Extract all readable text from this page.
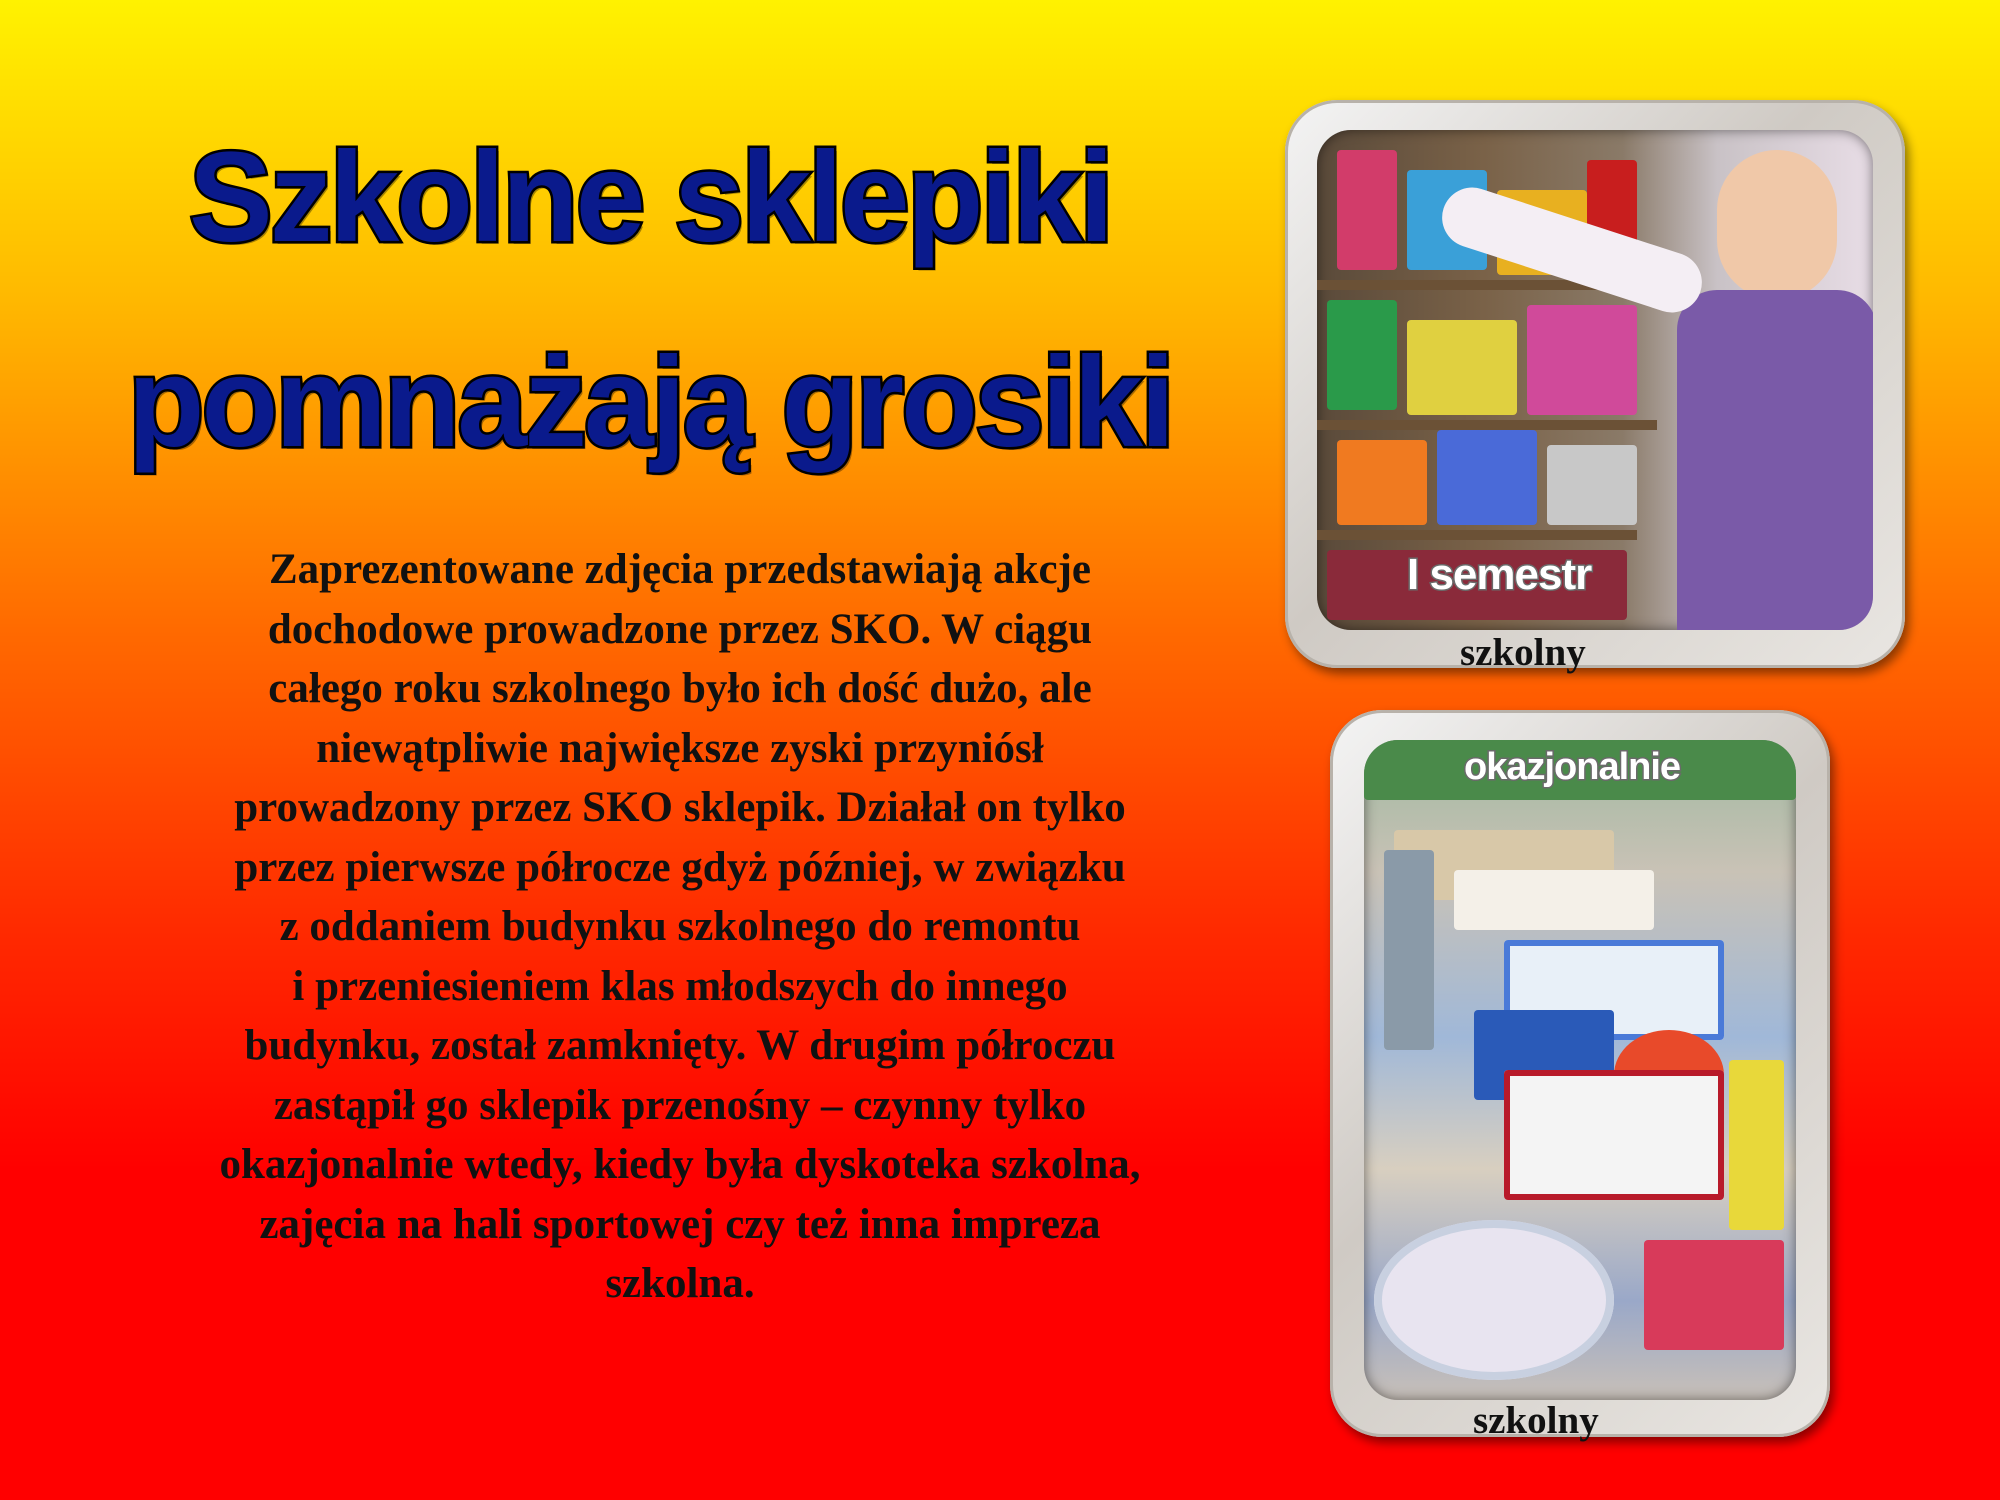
Szkolne sklepiki
pomnażają grosiki
Zaprezentowane zdjęcia przedstawiają akcje
dochodowe prowadzone przez SKO. W ciągu
całego roku szkolnego było ich dość dużo, ale
niewątpliwie największe zyski przyniósł
prowadzony przez SKO sklepik. Działał on tylko
przez pierwsze półrocze gdyż później, w związku
z oddaniem budynku szkolnego do remontu
i przeniesieniem klas młodszych do innego
budynku, został zamknięty. W drugim półroczu
zastąpił go sklepik przenośny – czynny tylko
okazjonalnie wtedy, kiedy była dyskoteka szkolna,
zajęcia na hali sportowej czy też inna impreza
szkolna.
I semestr
szkolny
okazjonalnie
szkolny
